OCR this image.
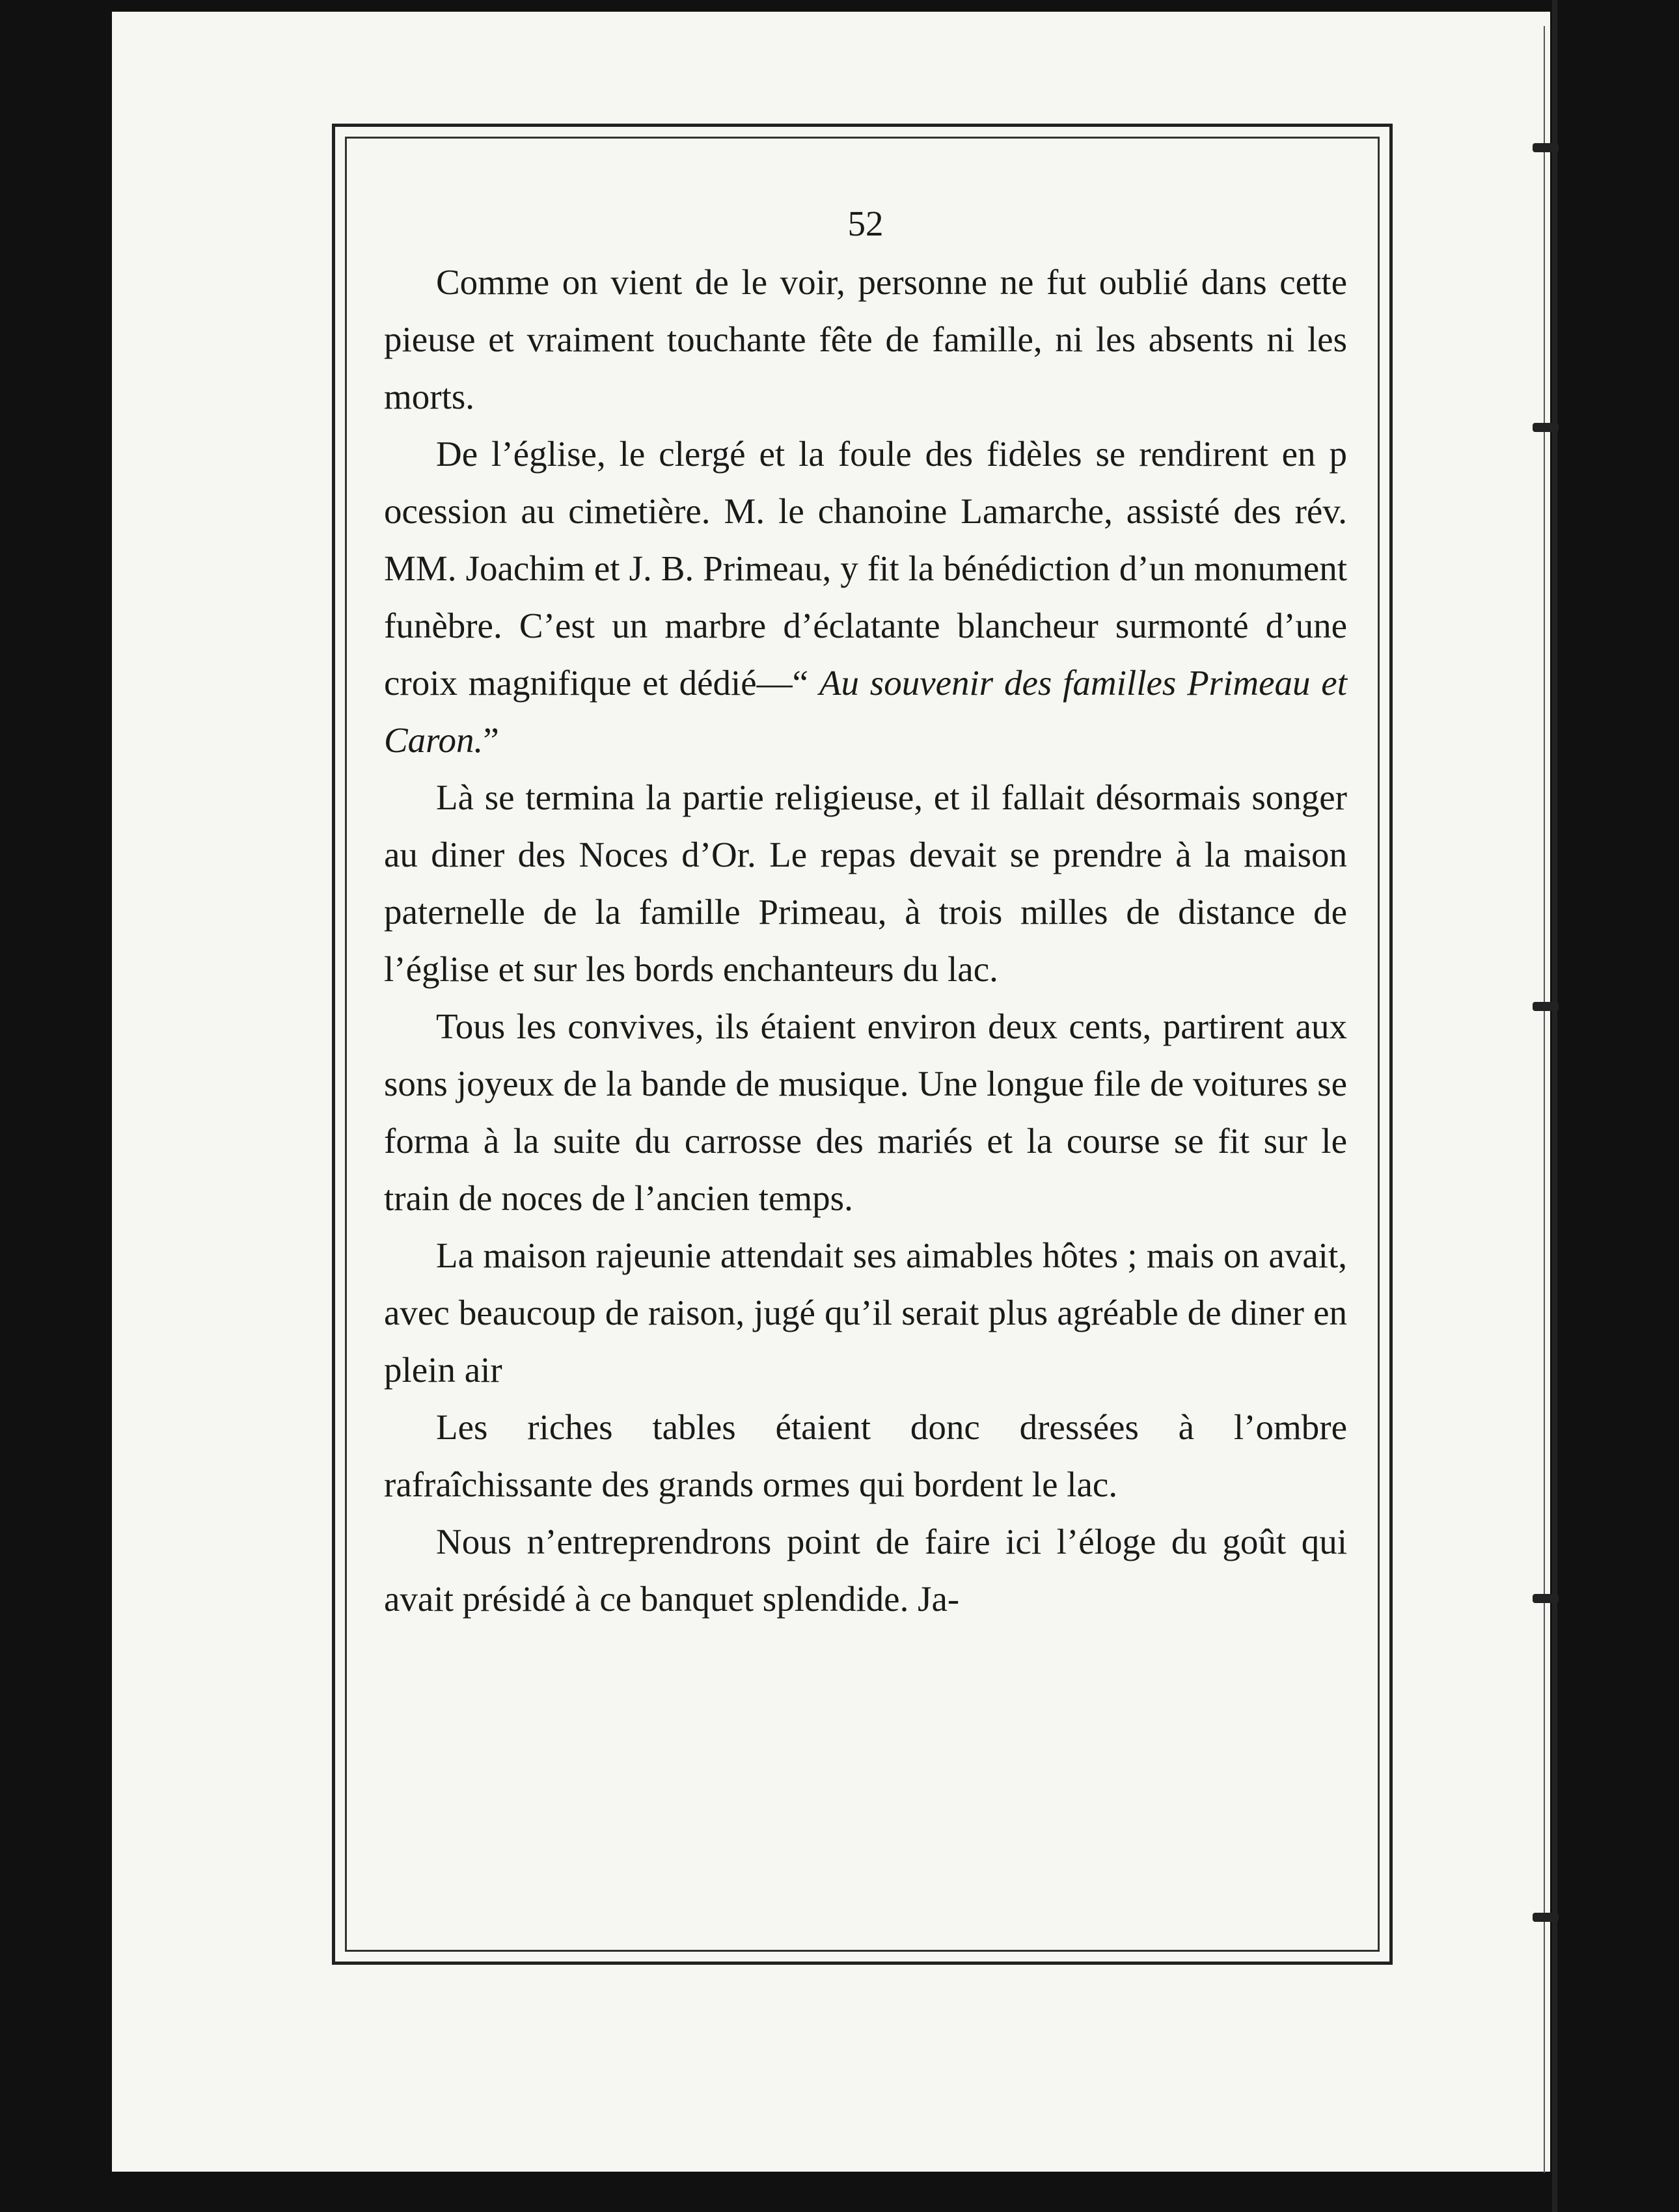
52

Comme on vient de le voir, personne ne fut oublié dans cette pieuse et vraiment touchante fête de famille, ni les absents ni les morts.

De l’église, le clergé et la foule des fidèles se rendirent en p ocession au cimetière. M. le chanoine Lamarche, assisté des rév. MM. Joachim et J. B. Primeau, y fit la bénédiction d’un monument funèbre. C’est un marbre d’éclatante blancheur surmonté d’une croix magnifique et dédié—“ Au souvenir des familles Primeau et Caron.”

Là se termina la partie religieuse, et il fallait désormais songer au diner des Noces d’Or. Le repas devait se prendre à la maison paternelle de la famille Primeau, à trois milles de distance de l’église et sur les bords enchanteurs du lac.

Tous les convives, ils étaient environ deux cents, partirent aux sons joyeux de la bande de musique. Une longue file de voitures se forma à la suite du carrosse des mariés et la course se fit sur le train de noces de l’ancien temps.

La maison rajeunie attendait ses aimables hôtes ; mais on avait, avec beaucoup de raison, jugé qu’il serait plus agréable de diner en plein air

Les riches tables étaient donc dressées à l’ombre rafraîchissante des grands ormes qui bordent le lac.

Nous n’entreprendrons point de faire ici l’éloge du goût qui avait présidé à ce banquet splendide. Ja-
